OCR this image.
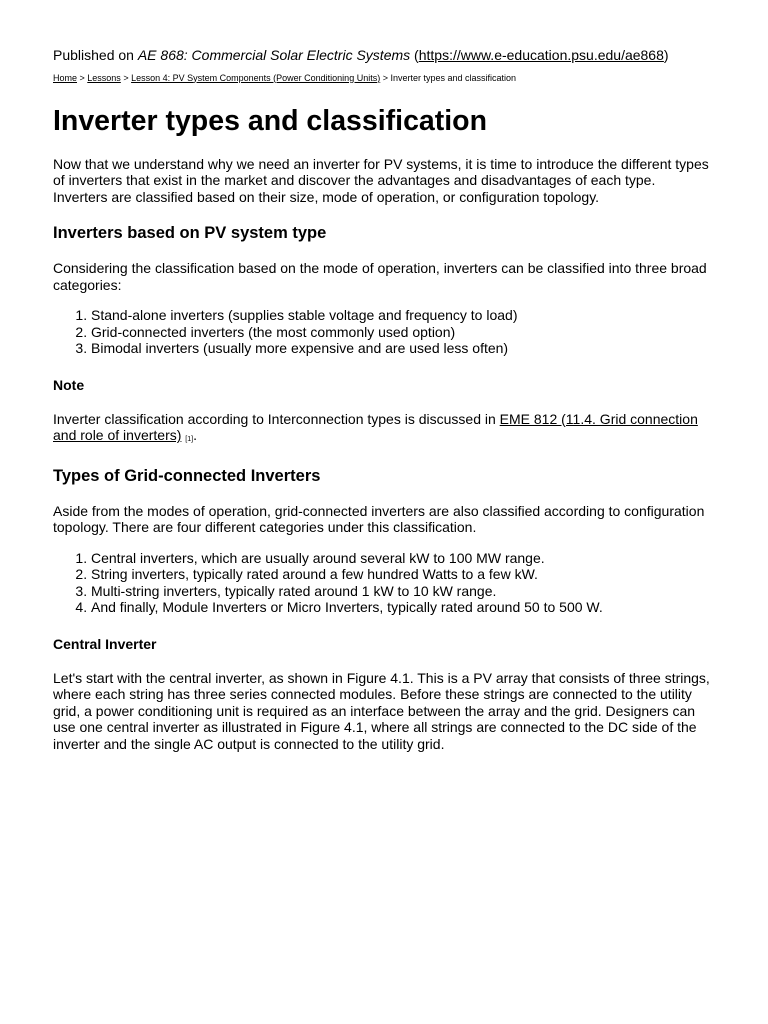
Published on AE 868: Commercial Solar Electric Systems (https://www.e-education.psu.edu/ae868)

Home > Lessons > Lesson 4: PV System Components (Power Conditioning Units) > Inverter types and classification
Inverter types and classification

Now that we understand why we need an inverter for PV systems, it is time to introduce the different types of inverters that exist in the market and discover the advantages and disadvantages of each type. Inverters are classified based on their size, mode of operation, or configuration topology.

Inverters based on PV system type

Considering the classification based on the mode of operation, inverters can be classified into three broad categories:

1. Stand-alone inverters (supplies stable voltage and frequency to load)
2. Grid-connected inverters (the most commonly used option)
3. Bimodal inverters (usually more expensive and are used less often)
Note

Inverter classification according to Interconnection types is discussed in EME 812 (11.4. Grid connection and role of inverters) [1].

Types of Grid-connected Inverters

Aside from the modes of operation, grid-connected inverters are also classified according to configuration topology. There are four different categories under this classification.

1. Central inverters, which are usually around several kW to 100 MW range.
2. String inverters, typically rated around a few hundred Watts to a few kW.
3. Multi-string inverters, typically rated around 1 kW to 10 kW range.
4. And finally, Module Inverters or Micro Inverters, typically rated around 50 to 500 W.
Central Inverter

Let's start with the central inverter, as shown in Figure 4.1. This is a PV array that consists of three strings, where each string has three series connected modules. Before these strings are connected to the utility grid, a power conditioning unit is required as an interface between the array and the grid. Designers can use one central inverter as illustrated in Figure 4.1, where all strings are connected to the DC side of the inverter and the single AC output is connected to the utility grid.
